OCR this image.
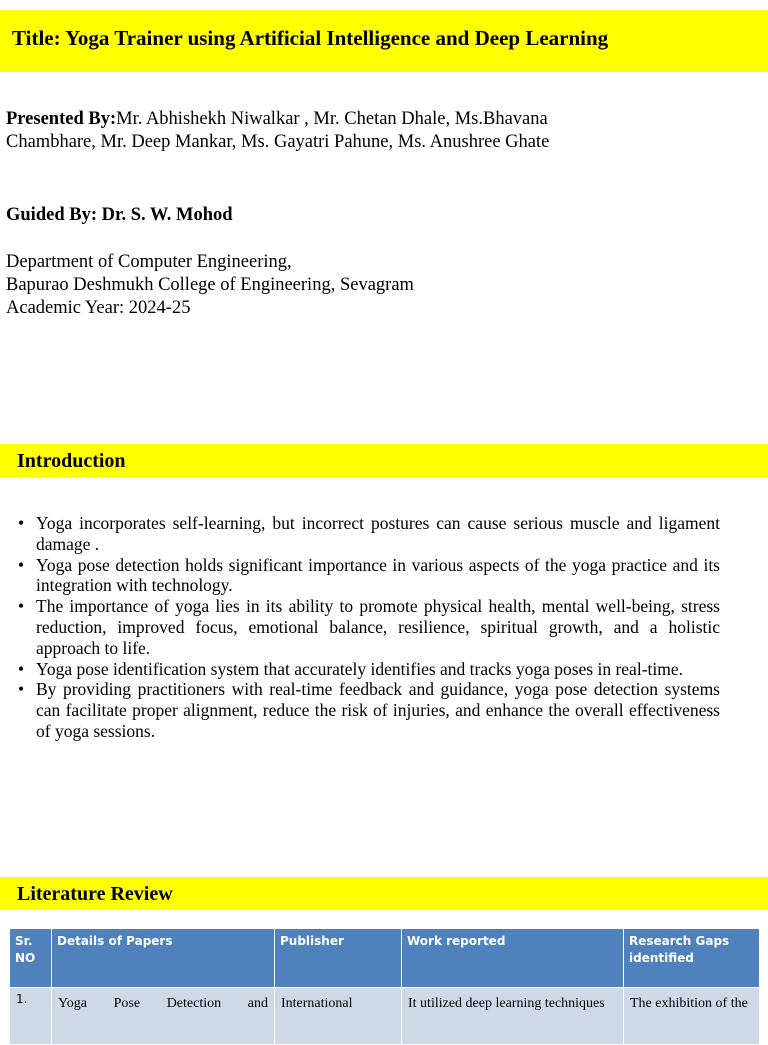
Title: Yoga Trainer using Artificial Intelligence and Deep Learning
Presented By:Mr. Abhishekh Niwalkar , Mr. Chetan Dhale, Ms.Bhavana Chambhare, Mr. Deep Mankar, Ms. Gayatri Pahune, Ms. Anushree Ghate
Guided By: Dr. S. W. Mohod
Department of Computer Engineering,
Bapurao Deshmukh College of Engineering, Sevagram
Academic Year: 2024-25
Introduction
• Yoga incorporates self-learning, but incorrect postures can cause serious muscle and ligament damage .
• Yoga pose detection holds significant importance in various aspects of the yoga practice and its integration with technology.
• The importance of yoga lies in its ability to promote physical health, mental well-being, stress reduction, improved focus, emotional balance, resilience, spiritual growth, and a holistic approach to life.
• Yoga pose identification system that accurately identifies and tracks yoga poses in real-time.
• By providing practitioners with real-time feedback and guidance, yoga pose detection systems can facilitate proper alignment, reduce the risk of injuries, and enhance the overall effectiveness of yoga sessions.
Literature Review
Sr. NO	Details of Papers	Publisher	Work reported	Research Gaps identified
1.	Yoga Pose Detection and	International	It utilized deep learning techniques	The exhibition of the
